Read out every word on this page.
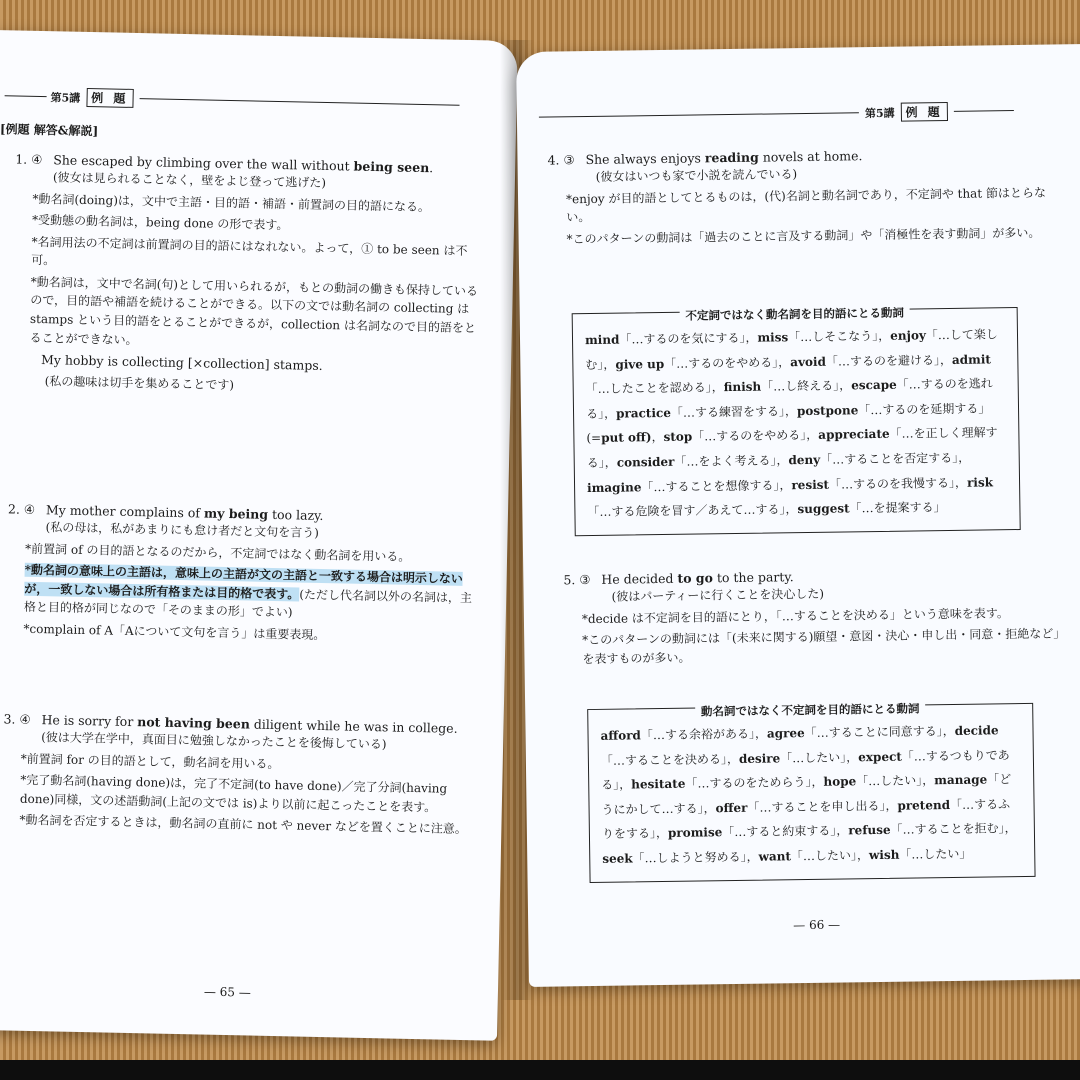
第5講 例 題
[例題 解答&解説]
1. ④ She escaped by climbing over the wall without being seen.
(彼女は見られることなく，壁をよじ登って逃げた)
*動名詞(doing)は，文中で主語・目的語・補語・前置詞の目的語になる。
*受動態の動名詞は，being done の形で表す。
*名詞用法の不定詞は前置詞の目的語にはなれない。よって，① to be seen は不可。
*動名詞は，文中で名詞(句)として用いられるが，もとの動詞の働きも保持しているので，目的語や補語を続けることができる。以下の文では動名詞の collecting は stamps という目的語をとることができるが，collection は名詞なので目的語をとることができない。
My hobby is collecting [×collection] stamps.
(私の趣味は切手を集めることです)
2. ④ My mother complains of my being too lazy.
(私の母は，私があまりにも怠け者だと文句を言う)
*前置詞 of の目的語となるのだから，不定詞ではなく動名詞を用いる。
*動名詞の意味上の主語は，意味上の主語が文の主語と一致する場合は明示しないが，一致しない場合は所有格または目的格で表す。(ただし代名詞以外の名詞は，主格と目的格が同じなので「そのままの形」でよい)
*complain of A「Aについて文句を言う」は重要表現。
3. ④ He is sorry for not having been diligent while he was in college.
(彼は大学在学中，真面目に勉強しなかったことを後悔している)
*前置詞 for の目的語として，動名詞を用いる。
*完了動名詞(having done)は，完了不定詞(to have done)／完了分詞(having done)同様，文の述語動詞(上記の文では is)より以前に起こったことを表す。
*動名詞を否定するときは，動名詞の直前に not や never などを置くことに注意。
— 65 —
第5講 例 題
4. ③ She always enjoys reading novels at home.
(彼女はいつも家で小説を読んでいる)
*enjoy が目的語としてとるものは，(代)名詞と動名詞であり，不定詞や that 節はとらない。
*このパターンの動詞は「過去のことに言及する動詞」や「消極性を表す動詞」が多い。
不定詞ではなく動名詞を目的語にとる動詞
mind「…するのを気にする」，miss「…しそこなう」，enjoy「…して楽しむ」，give up「…するのをやめる」，avoid「…するのを避ける」，admit「…したことを認める」，finish「…し終える」，escape「…するのを逃れる」，practice「…する練習をする」，postpone「…するのを延期する」(=put off)，stop「…するのをやめる」，appreciate「…を正しく理解する」，consider「…をよく考える」，deny「…することを否定する」，imagine「…することを想像する」，resist「…するのを我慢する」，risk「…する危険を冒す／あえて…する」，suggest「…を提案する」
5. ③ He decided to go to the party.
(彼はパーティーに行くことを決心した)
*decide は不定詞を目的語にとり，「…することを決める」という意味を表す。
*このパターンの動詞には「(未来に関する)願望・意図・決心・申し出・同意・拒絶など」を表すものが多い。
動名詞ではなく不定詞を目的語にとる動詞
afford「…する余裕がある」，agree「…することに同意する」，decide「…することを決める」，desire「…したい」，expect「…するつもりである」，hesitate「…するのをためらう」，hope「…したい」，manage「どうにかして…する」，offer「…することを申し出る」，pretend「…するふりをする」，promise「…すると約束する」，refuse「…することを拒む」，seek「…しようと努める」，want「…したい」，wish「…したい」
— 66 —
